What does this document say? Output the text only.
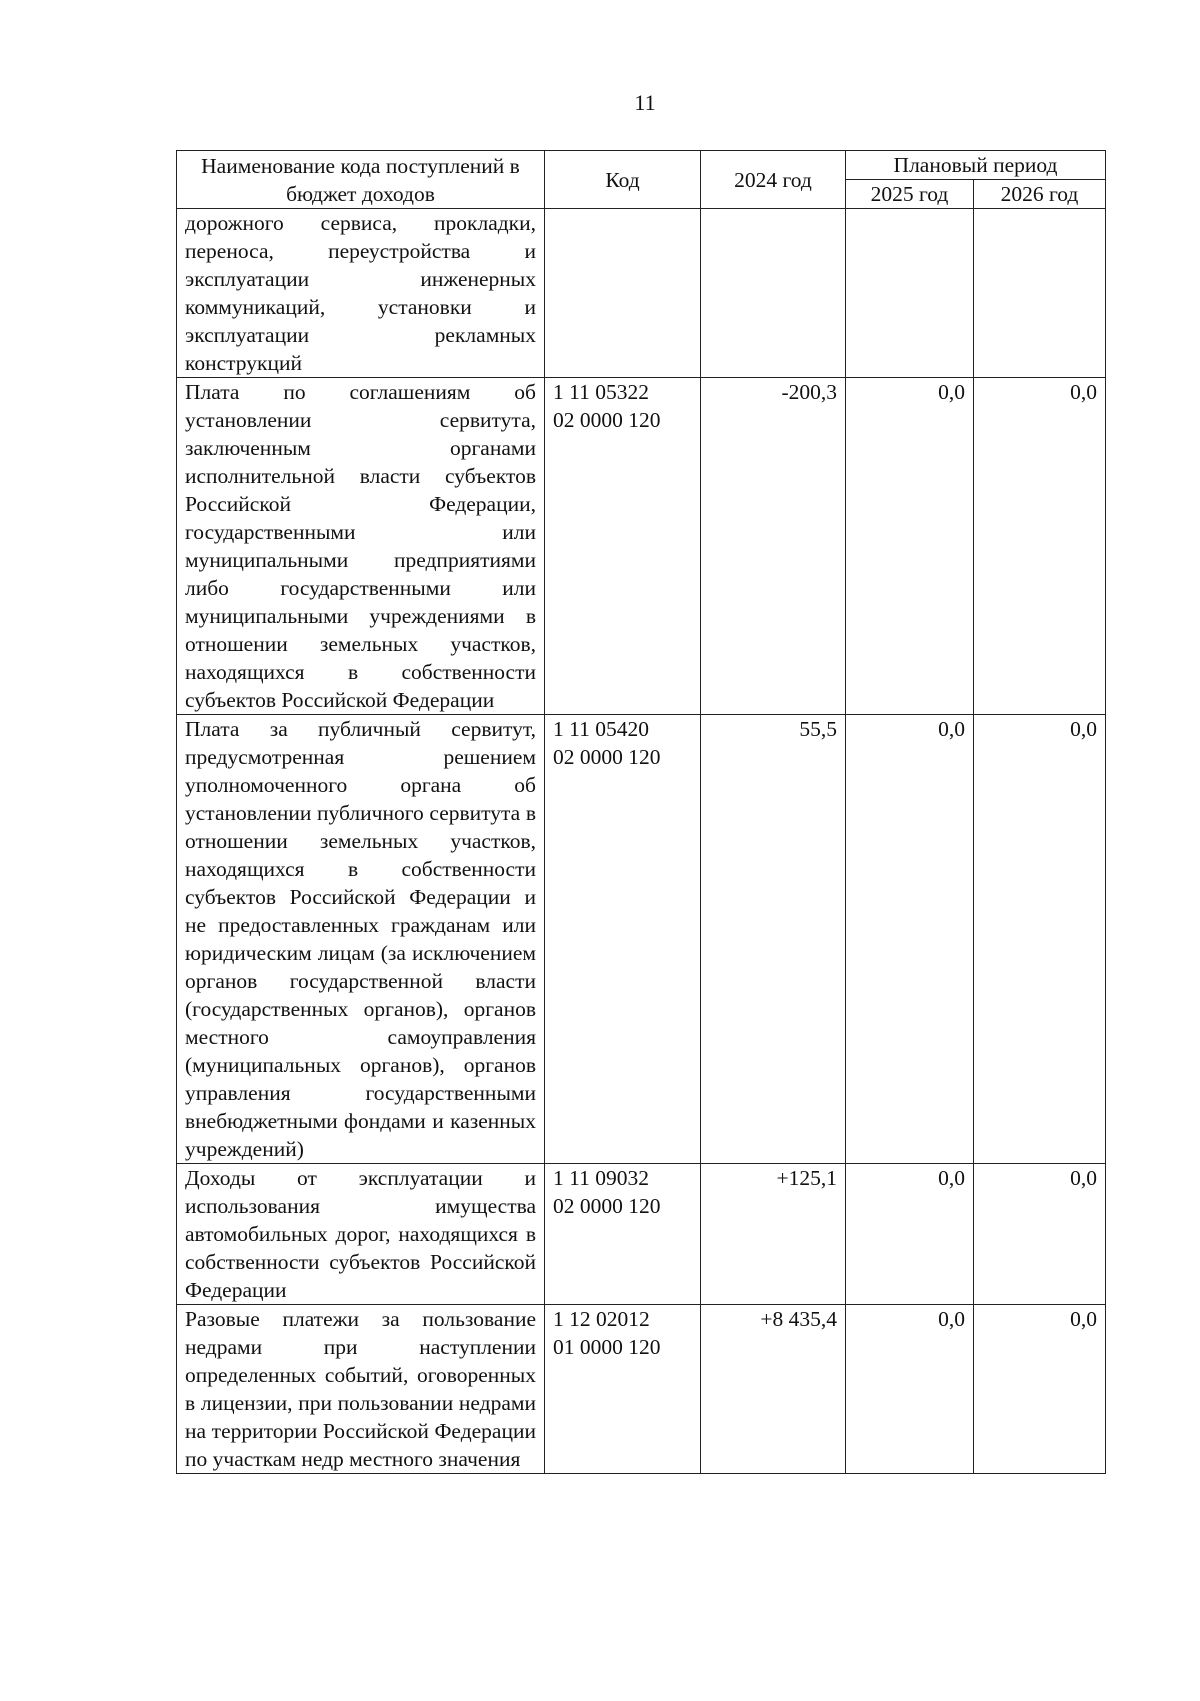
11
Наименование кода поступлений в бюджет доходов	Код	2024 год	Плановый период	
			2025 год	2026 год
дорожного сервиса, прокладки, переноса, переустройства и эксплуатации инженерных коммуникаций, установки и эксплуатации рекламных конструкций	

Плата по соглашениям об установлении сервитута, заключенным органами исполнительной власти субъектов Российской Федерации, государственными или муниципальными предприятиями либо государственными или муниципальными учреждениями в отношении земельных участков, находящихся в собственности субъектов Российской Федерации	1 11 05322
02 0000 120	-200,3	0,0	0,0
Плата за публичный сервитут, предусмотренная решением уполномоченного органа об установлении публичного сервитута в отношении земельных участков, находящихся в собственности субъектов Российской Федерации и не предоставленных гражданам или юридическим лицам (за исключением органов государственной власти (государственных органов), органов местного самоуправления (муниципальных органов), органов управления государственными внебюджетными фондами и казенных учреждений)	1 11 05420
02 0000 120	55,5	0,0	0,0
Доходы от эксплуатации и использования имущества автомобильных дорог, находящихся в собственности субъектов Российской Федерации	1 11 09032
02 0000 120	+125,1	0,0	0,0
Разовые платежи за пользование недрами при наступлении определенных событий, оговоренных в лицензии, при пользовании недрами на территории Российской Федерации по участкам недр местного значения	1 12 02012
01 0000 120	+8 435,4	0,0	0,0
